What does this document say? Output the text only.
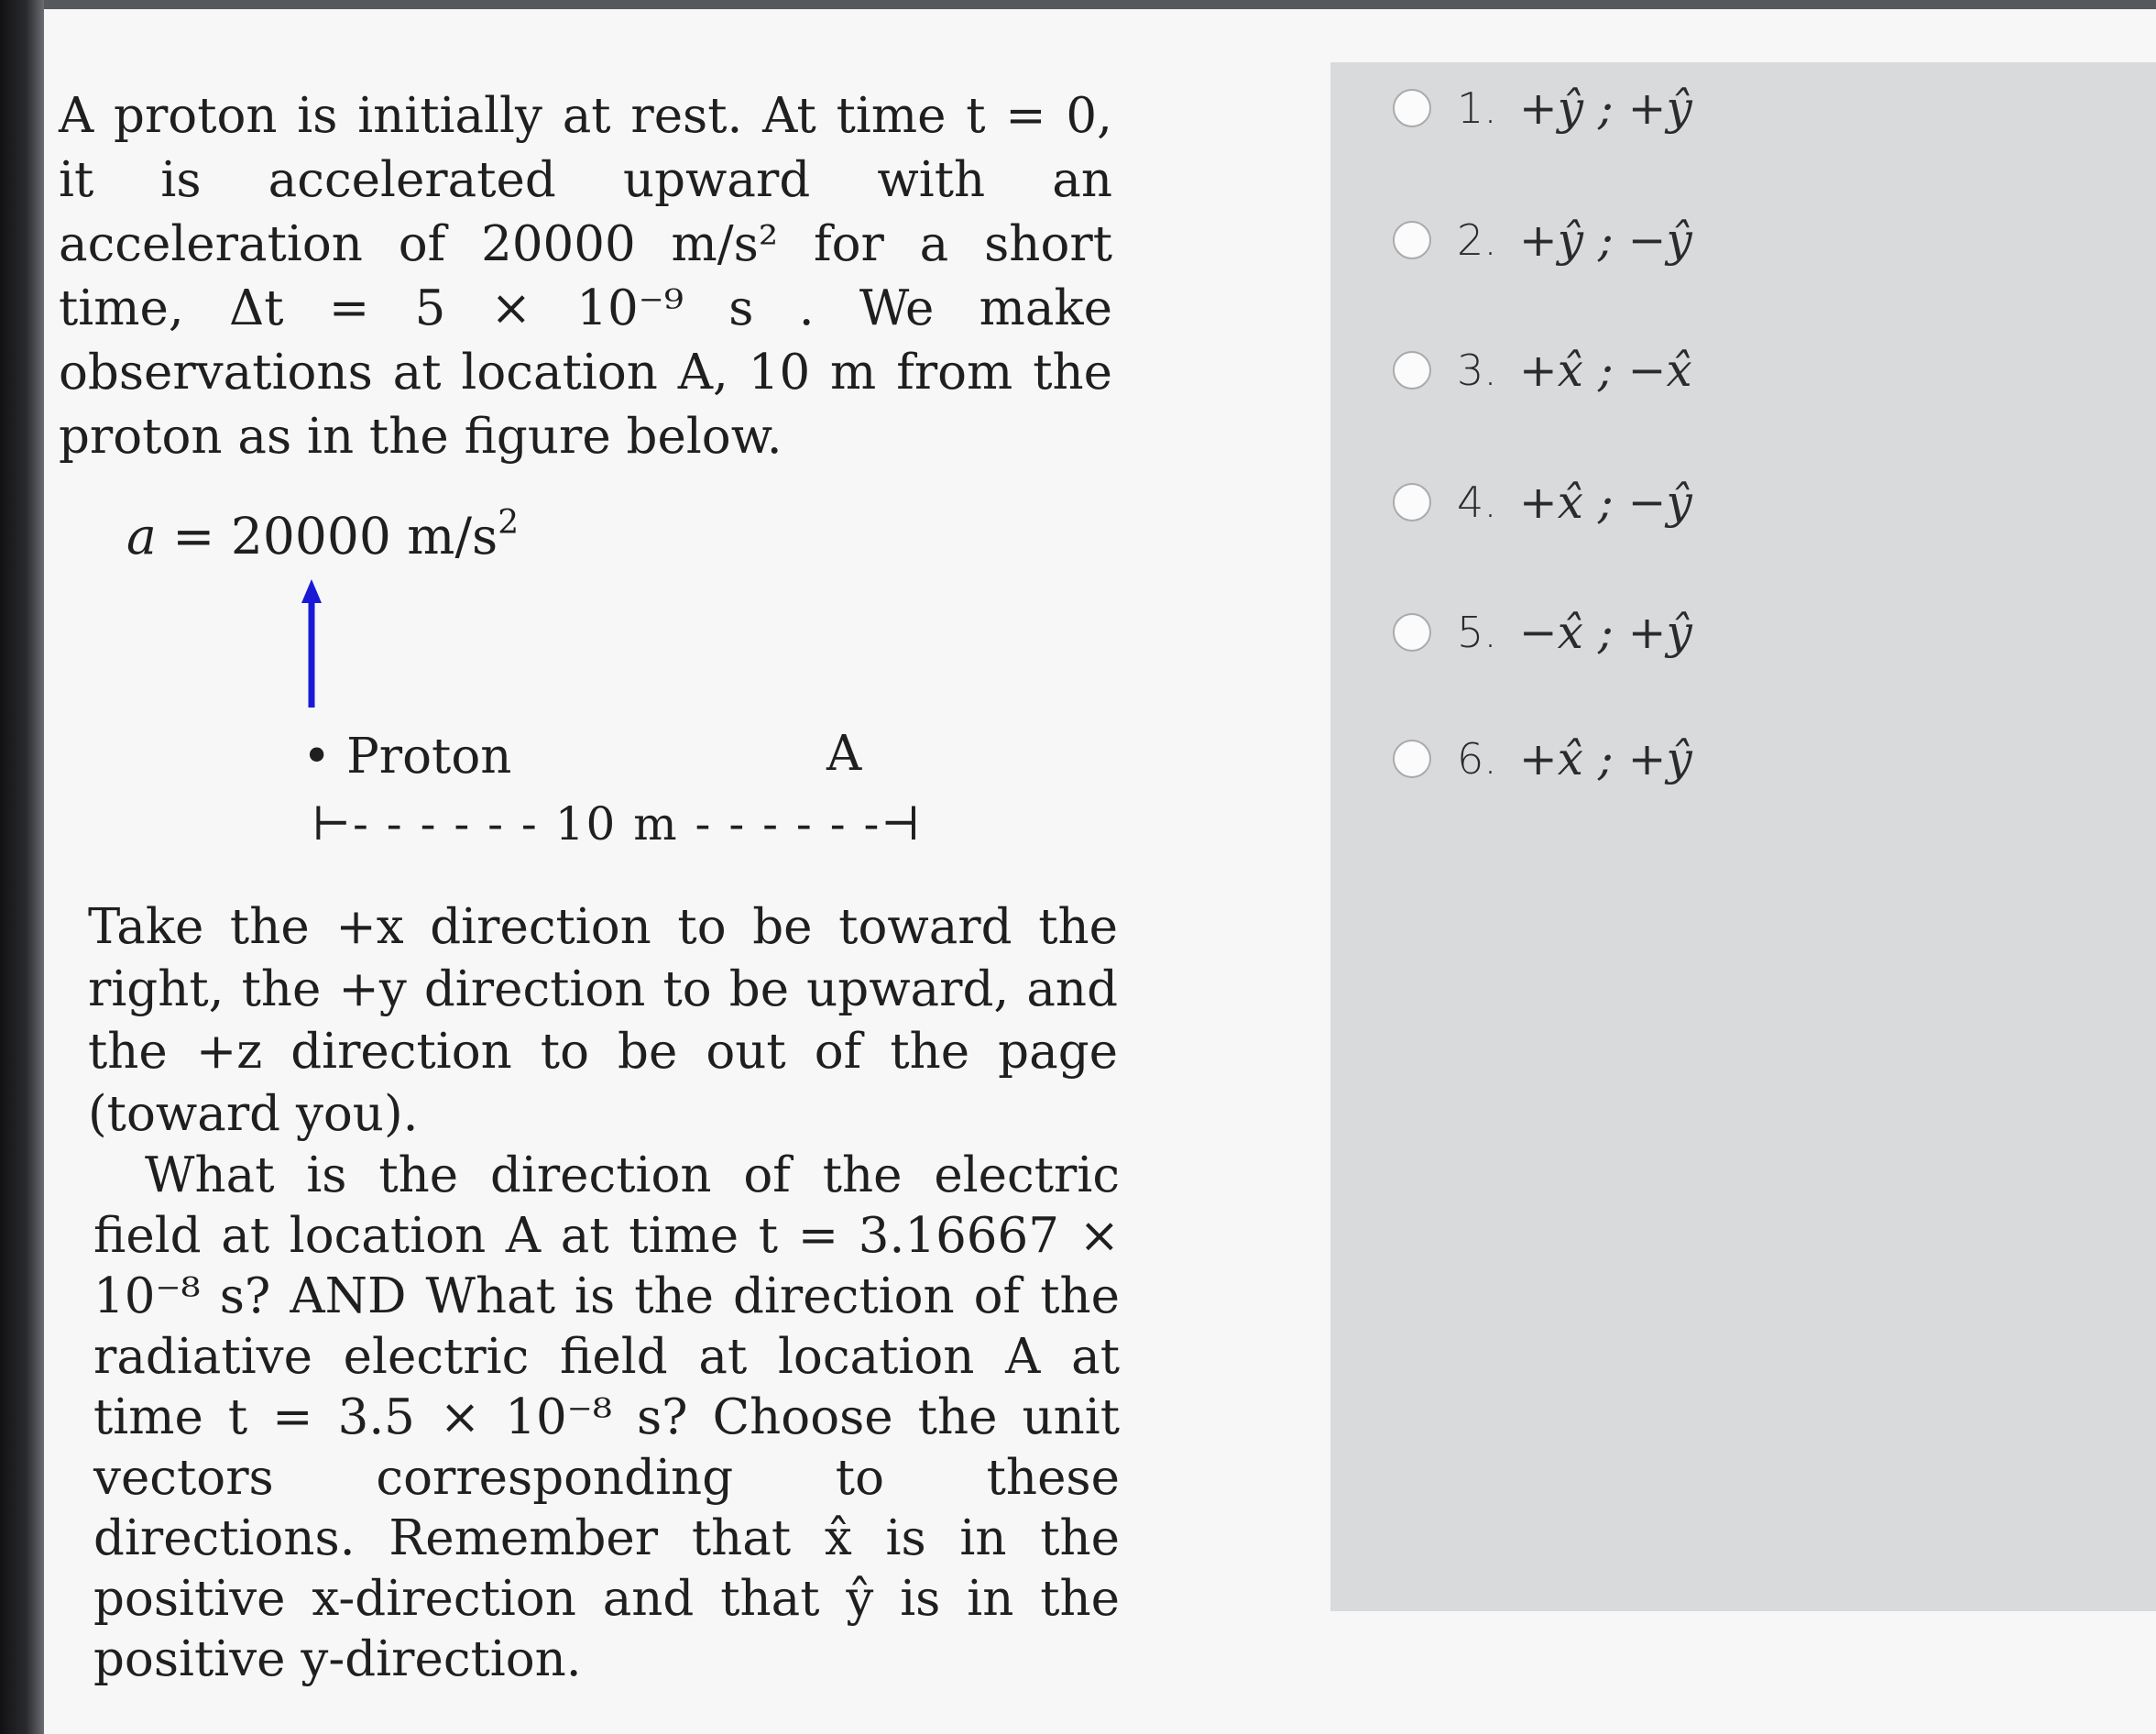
A proton is initially at rest. At time t = 0, it is accelerated upward with an acceleration of 20000 m/s² for a short time, Δt = 5 × 10⁻⁹ s . We make observations at location A, 10 m from the proton as in the figure below.
a = 20000 $m/s^2$
• Proton	A
⊢- - - - - - 10 m - - - - - -⊣
Take the +x direction to be toward the right, the +y direction to be upward, and the +z direction to be out of the page (toward you).
What is the direction of the electric field at location A at time t = 3.16667 × 10⁻⁸ s? AND What is the direction of the radiative electric field at location A at time t = 3.5 × 10⁻⁸ s? Choose the unit vectors corresponding to these directions. Remember that x̂ is in the positive x-direction and that ŷ is in the positive y-direction.
1. +ŷ ; +ŷ
2. +ŷ ; −ŷ
3. +x̂ ; −x̂
4. +x̂ ; −ŷ
5. −x̂ ; +ŷ
6. +x̂ ; +ŷ
